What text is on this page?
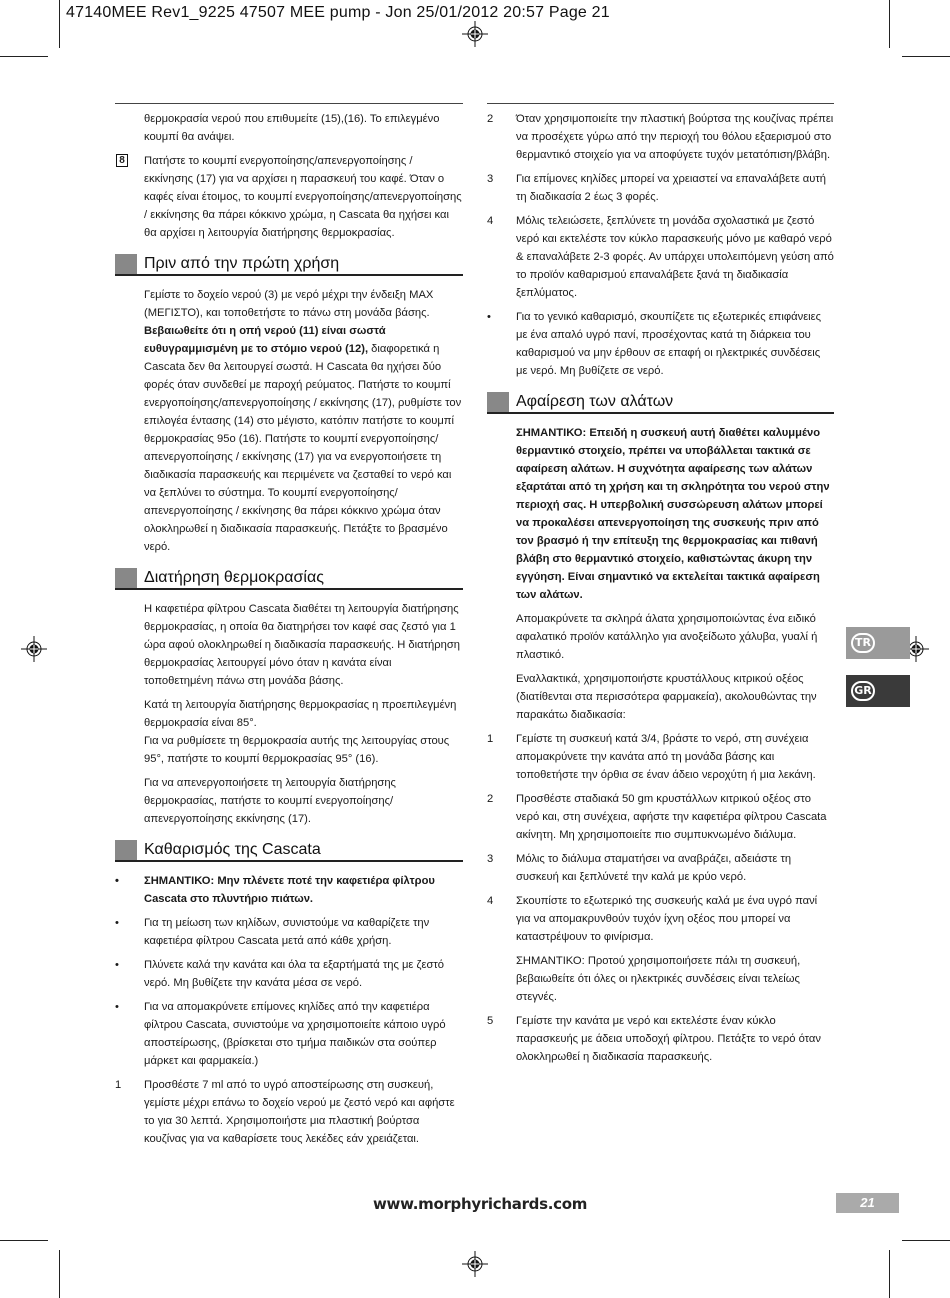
47140MEE Rev1_9225 47507 MEE pump - Jon 25/01/2012 20:57 Page 21
θερμοκρασία νερού που επιθυμείτε (15),(16). Το επιλεγμένο κουμπί θα ανάψει.
8 Πατήστε το κουμπί ενεργοποίησης/απενεργοποίησης / εκκίνησης (17) για να αρχίσει η παρασκευή του καφέ. Όταν ο καφές είναι έτοιμος, το κουμπί ενεργοποίησης/απενεργοποίησης / εκκίνησης θα πάρει κόκκινο χρώμα, η Cascata θα ηχήσει και θα αρχίσει η λειτουργία διατήρησης θερμοκρασίας.
Πριν από την πρώτη χρήση
Γεμίστε το δοχείο νερού (3) με νερό μέχρι την ένδειξη MAX (ΜΕΓΙΣΤΟ), και τοποθετήστε το πάνω στη μονάδα βάσης. Βεβαιωθείτε ότι η οπή νερού (11) είναι σωστά ευθυγραμμισμένη με το στόμιο νερού (12), διαφορετικά η Cascata δεν θα λειτουργεί σωστά. Η Cascata θα ηχήσει δύο φορές όταν συνδεθεί με παροχή ρεύματος. Πατήστε το κουμπί ενεργοποίησης/απενεργοποίησης / εκκίνησης (17), ρυθμίστε τον επιλογέα έντασης (14) στο μέγιστο, κατόπιν πατήστε το κουμπί θερμοκρασίας 95o (16). Πατήστε το κουμπί ενεργοποίησης/απενεργοποίησης / εκκίνησης (17) για να ενεργοποιήσετε τη διαδικασία παρασκευής και περιμένετε να ζεσταθεί το νερό και να ξεπλύνει το σύστημα. Το κουμπί ενεργοποίησης/απενεργοποίησης / εκκίνησης θα πάρει κόκκινο χρώμα όταν ολοκληρωθεί η διαδικασία παρασκευής. Πετάξτε το βρασμένο νερό.
Διατήρηση θερμοκρασίας
Η καφετιέρα φίλτρου Cascata διαθέτει τη λειτουργία διατήρησης θερμοκρασίας, η οποία θα διατηρήσει τον καφέ σας ζεστό για 1 ώρα αφού ολοκληρωθεί η διαδικασία παρασκευής. Η διατήρηση θερμοκρασίας λειτουργεί μόνο όταν η κανάτα είναι τοποθετημένη πάνω στη μονάδα βάσης.
Κατά τη λειτουργία διατήρησης θερμοκρασίας η προεπιλεγμένη θερμοκρασία είναι 85°.
Για να ρυθμίσετε τη θερμοκρασία αυτής της λειτουργίας στους 95°, πατήστε το κουμπί θερμοκρασίας 95° (16).
Για να απενεργοποιήσετε τη λειτουργία διατήρησης θερμοκρασίας, πατήστε το κουμπί ενεργοποίησης/απενεργοποίησης εκκίνησης (17).
Καθαρισμός της Cascata
•	ΣΗΜΑΝΤΙΚΟ: Μην πλένετε ποτέ την καφετιέρα φίλτρου Cascata στο πλυντήριο πιάτων.
•	Για τη μείωση των κηλίδων, συνιστούμε να καθαρίζετε την καφετιέρα φίλτρου Cascata μετά από κάθε χρήση.
•	Πλύνετε καλά την κανάτα και όλα τα εξαρτήματά της με ζεστό νερό. Μη βυθίζετε την κανάτα μέσα σε νερό.
•	Για να απομακρύνετε επίμονες κηλίδες από την καφετιέρα φίλτρου Cascata, συνιστούμε να χρησιμοποιείτε κάποιο υγρό αποστείρωσης, (βρίσκεται στο τμήμα παιδικών στα σούπερ μάρκετ και φαρμακεία.)
1	Προσθέστε 7 ml από το υγρό αποστείρωσης στη συσκευή, γεμίστε μέχρι επάνω το δοχείο νερού με ζεστό νερό και αφήστε το για 30 λεπτά. Χρησιμοποιήστε μια πλαστική βούρτσα κουζίνας για να καθαρίσετε τους λεκέδες εάν χρειάζεται.
2	Όταν χρησιμοποιείτε την πλαστική βούρτσα της κουζίνας πρέπει να προσέχετε γύρω από την περιοχή του θόλου εξαερισμού στο θερμαντικό στοιχείο για να αποφύγετε τυχόν μετατόπιση/βλάβη.
3	Για επίμονες κηλίδες μπορεί να χρειαστεί να επαναλάβετε αυτή τη διαδικασία 2 έως 3 φορές.
4	Μόλις τελειώσετε, ξεπλύνετε τη μονάδα σχολαστικά με ζεστό νερό και εκτελέστε τον κύκλο παρασκευής μόνο με καθαρό νερό & επαναλάβετε 2-3 φορές. Αν υπάρχει υπολειπόμενη γεύση από το προϊόν καθαρισμού επαναλάβετε ξανά τη διαδικασία ξεπλύματος.
•	Για το γενικό καθαρισμό, σκουπίζετε τις εξωτερικές επιφάνειες με ένα απαλό υγρό πανί, προσέχοντας κατά τη διάρκεια του καθαρισμού να μην έρθουν σε επαφή οι ηλεκτρικές συνδέσεις με νερό. Μη βυθίζετε σε νερό.
Αφαίρεση των αλάτων
ΣΗΜΑΝΤΙΚΟ: Επειδή η συσκευή αυτή διαθέτει καλυμμένο θερμαντικό στοιχείο, πρέπει να υποβάλλεται τακτικά σε αφαίρεση αλάτων. Η συχνότητα αφαίρεσης των αλάτων εξαρτάται από τη χρήση και τη σκληρότητα του νερού στην περιοχή σας. Η υπερβολική συσσώρευση αλάτων μπορεί να προκαλέσει απενεργοποίηση της συσκευής πριν από τον βρασμό ή την επίτευξη της θερμοκρασίας και πιθανή βλάβη στο θερμαντικό στοιχείο, καθιστώντας άκυρη την εγγύηση. Είναι σημαντικό να εκτελείται τακτικά αφαίρεση των αλάτων.
Απομακρύνετε τα σκληρά άλατα χρησιμοποιώντας ένα ειδικό αφαλατικό προϊόν κατάλληλο για ανοξείδωτο χάλυβα, γυαλί ή πλαστικό.
Εναλλακτικά, χρησιμοποιήστε κρυστάλλους κιτρικού οξέος (διατίθενται στα περισσότερα φαρμακεία), ακολουθώντας την παρακάτω διαδικασία:
1	Γεμίστε τη συσκευή κατά 3/4, βράστε το νερό, στη συνέχεια απομακρύνετε την κανάτα από τη μονάδα βάσης και τοποθετήστε την όρθια σε έναν άδειο νεροχύτη ή μια λεκάνη.
2	Προσθέστε σταδιακά 50 gm κρυστάλλων κιτρικού οξέος στο νερό και, στη συνέχεια, αφήστε την καφετιέρα φίλτρου Cascata ακίνητη. Μη χρησιμοποιείτε πιο συμπυκνωμένο διάλυμα.
3	Μόλις το διάλυμα σταματήσει να αναβράζει, αδειάστε τη συσκευή και ξεπλύνετέ την καλά με κρύο νερό.
4	Σκουπίστε το εξωτερικό της συσκευής καλά με ένα υγρό πανί για να απομακρυνθούν τυχόν ίχνη οξέος που μπορεί να καταστρέψουν το φινίρισμα.
ΣΗΜΑΝΤΙΚΟ: Προτού χρησιμοποιήσετε πάλι τη συσκευή, βεβαιωθείτε ότι όλες οι ηλεκτρικές συνδέσεις είναι τελείως στεγνές.
5	Γεμίστε την κανάτα με νερό και εκτελέστε έναν κύκλο παρασκευής με άδεια υποδοχή φίλτρου. Πετάξτε το νερό όταν ολοκληρωθεί η διαδικασία παρασκευής.
TR
GR
www.morphyrichards.com	21
